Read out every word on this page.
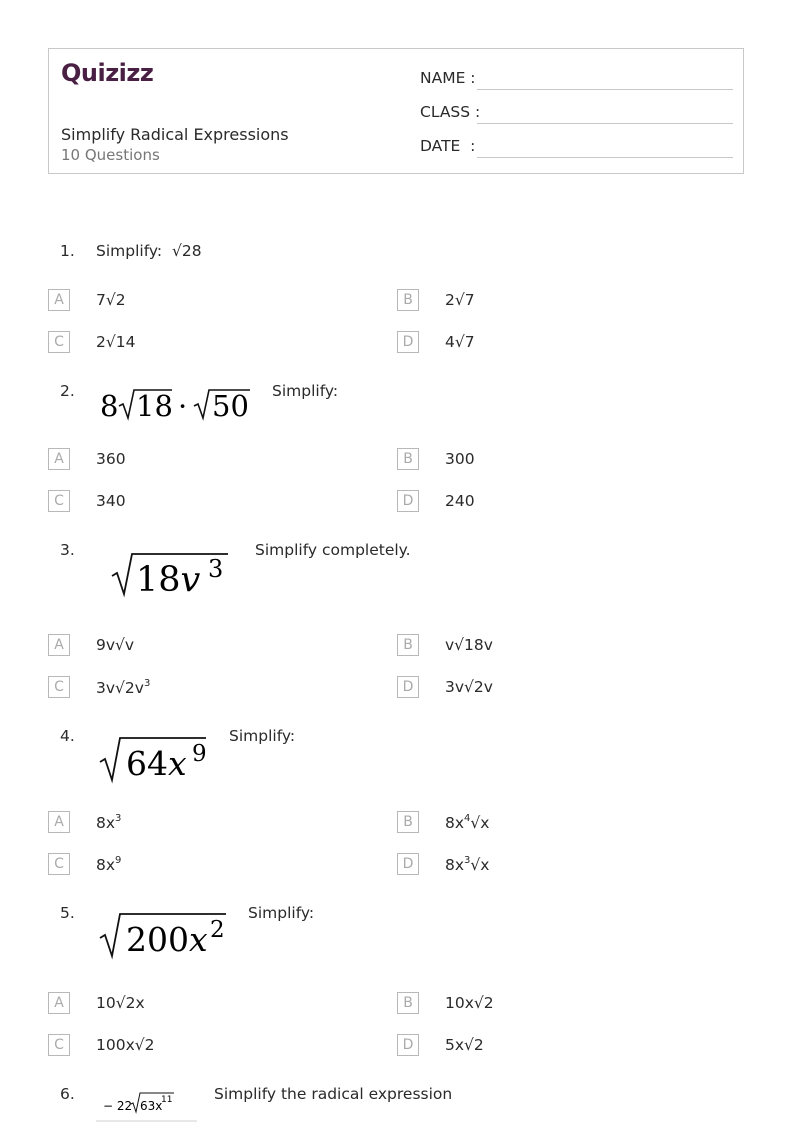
Quizizz
Simplify Radical Expressions
10 Questions
NAME :
CLASS :
DATE  :
1. Simplify:  √28
A	7√2	B	2√7
C	2√14	D	4√7
2. 8 18 · 50 Simplify:
A	360	B	300
C	340	D	240
3.
18v 3
Simplify completely.
A	9v√v	B	v√18v
C	$3v√2v^3$	D	3v√2v
4.
64x 9
Simplify:
A	$8x^3$	B	$8x^4√x$
C	$8x^9$	D	$8x^3√x$
5.
200x 2
Simplify:
A	10√2x	B	10x√2
C	100x√2	D	5x√2
6.
− 22 63x
11	Simplify the radical expression
